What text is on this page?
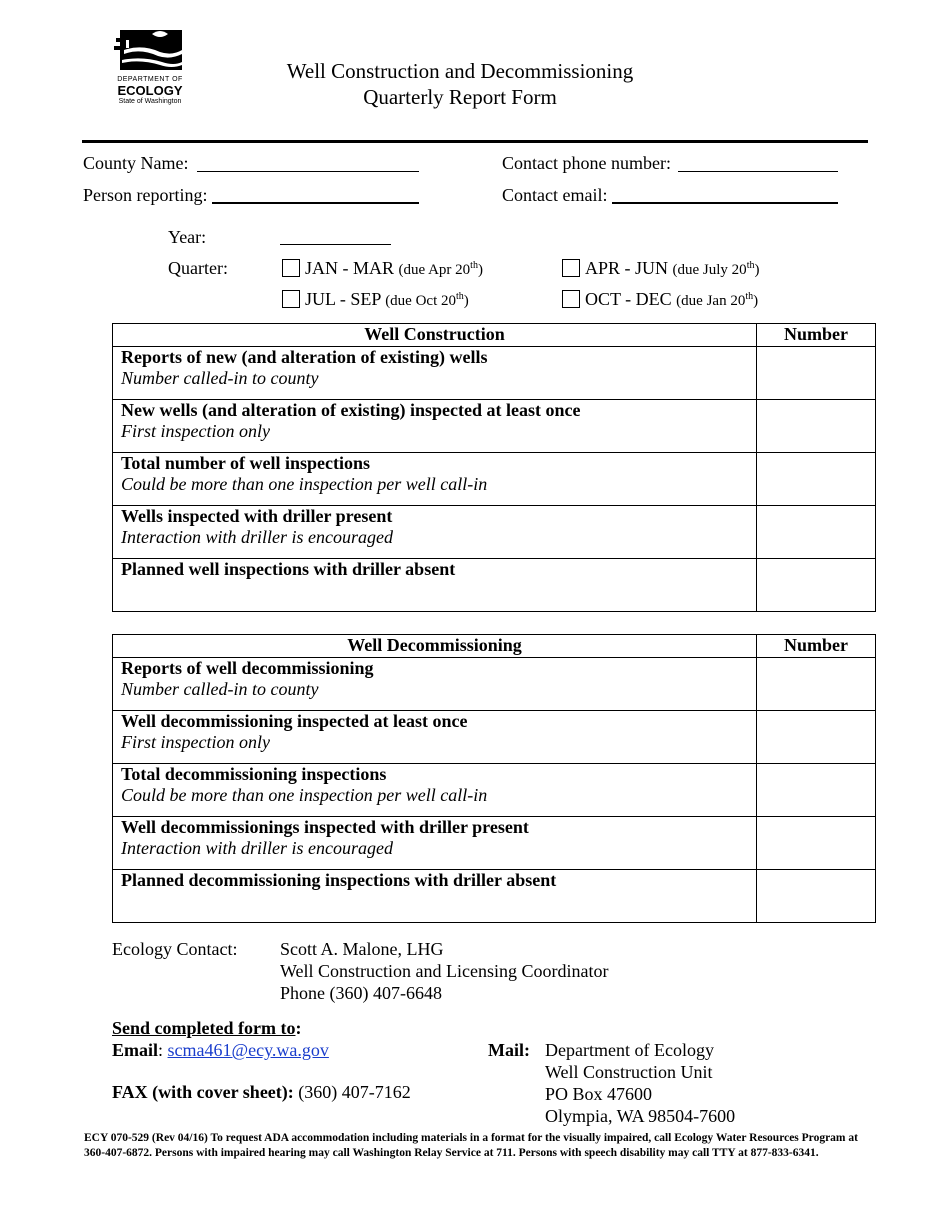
DEPARTMENT OF
ECOLOGY
State of Washington
Well Construction and Decommissioning
Quarterly Report Form
County Name:	Contact phone number:
Person reporting:	Contact email:
Year:
Quarter:	JAN - MAR (due Apr 20th)	APR - JUN (due July 20th)
JUL - SEP (due Oct 20th)	OCT - DEC (due Jan 20th)
Well Construction	Number

Reports of new (and alteration of existing) wells
Number called-in to county	

New wells (and alteration of existing) inspected at least once
First inspection only	

Total number of well inspections
Could be more than one inspection per well call-in	

Wells inspected with driller present
Interaction with driller is encouraged	

Planned well inspections with driller absent	

Well Decommissioning	Number

Reports of well decommissioning
Number called-in to county	

Well decommissioning inspected at least once
First inspection only	

Total decommissioning inspections
Could be more than one inspection per well call-in	

Well decommissionings inspected with driller present
Interaction with driller is encouraged	

Planned decommissioning inspections with driller absent	

Ecology Contact: Scott A. Malone, LHG
Well Construction and Licensing Coordinator
Phone (360) 407-6648
Send completed form to:
Email: scma461@ecy.wa.gov
FAX (with cover sheet): (360) 407-7162
Mail: Department of Ecology
Well Construction Unit
PO Box 47600
Olympia, WA 98504-7600
ECY 070-529 (Rev 04/16) To request ADA accommodation including materials in a format for the visually impaired, call Ecology Water Resources Program at 360-407-6872. Persons with impaired hearing may call Washington Relay Service at 711. Persons with speech disability may call TTY at 877-833-6341.
